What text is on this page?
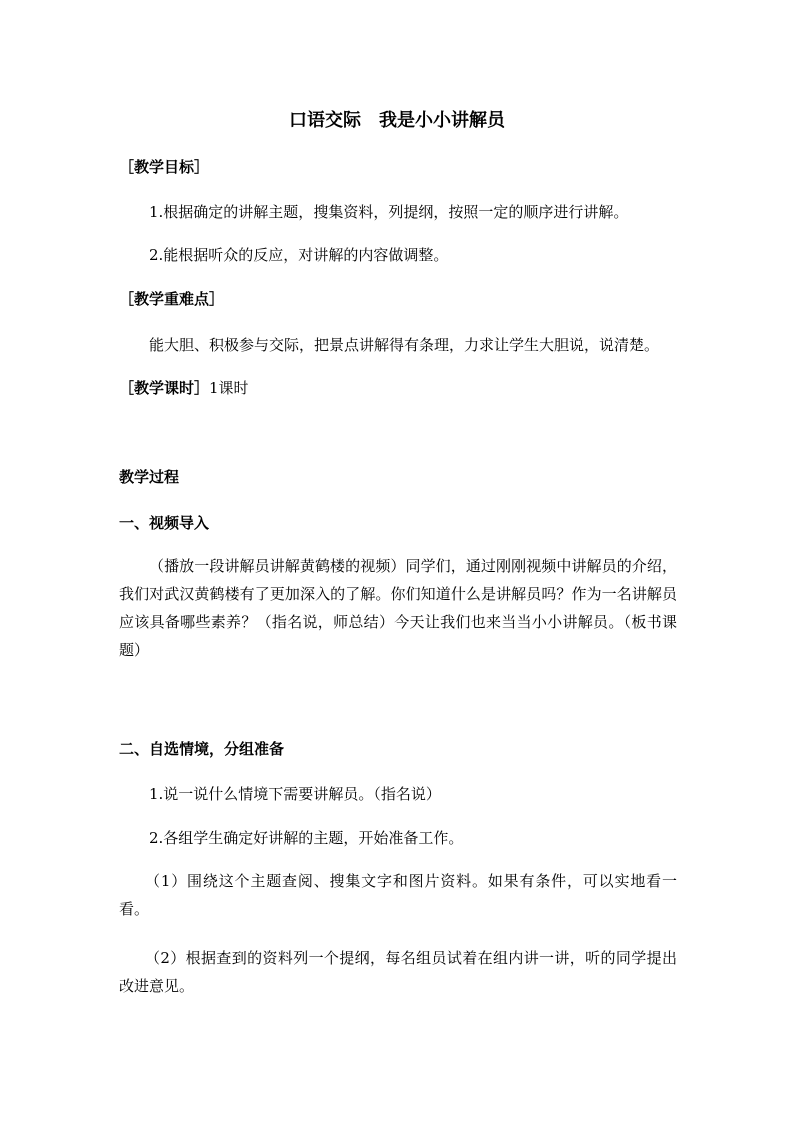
口语交际　我是小小讲解员
［教学目标］
1.根据确定的讲解主题，搜集资料，列提纲，按照一定的顺序进行讲解。
2.能根据听众的反应，对讲解的内容做调整。
［教学重难点］
能大胆、积极参与交际，把景点讲解得有条理，力求让学生大胆说，说清楚。
［教学课时］1课时
教学过程
一、视频导入
（播放一段讲解员讲解黄鹤楼的视频）同学们，通过刚刚视频中讲解员的介绍，我们对武汉黄鹤楼有了更加深入的了解。你们知道什么是讲解员吗？作为一名讲解员应该具备哪些素养？（指名说，师总结）今天让我们也来当当小小讲解员。（板书课题）
二、自选情境，分组准备
1.说一说什么情境下需要讲解员。（指名说）
2.各组学生确定好讲解的主题，开始准备工作。
（1）围绕这个主题查阅、搜集文字和图片资料。如果有条件，可以实地看一看。
（2）根据查到的资料列一个提纲，每名组员试着在组内讲一讲，听的同学提出改进意见。
